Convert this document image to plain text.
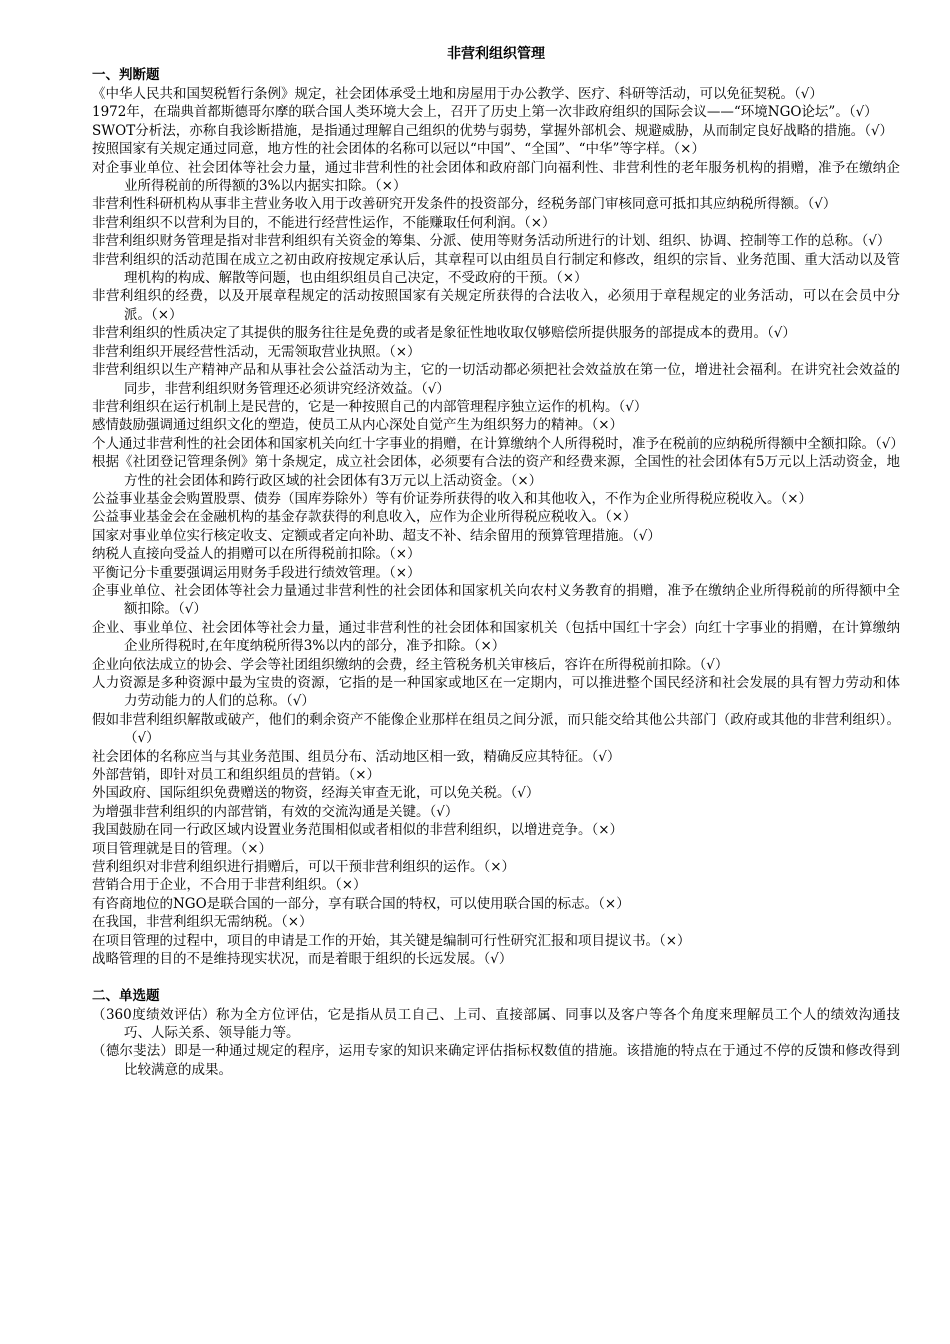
非营利组织管理
一、判断题

《中华人民共和国契税暂行条例》规定，社会团体承受土地和房屋用于办公教学、医疗、科研等活动，可以免征契税。（√）

1972年，在瑞典首都斯德哥尔摩的联合国人类环境大会上，召开了历史上第一次非政府组织的国际会议——“环境NGO论坛”。（√）

SWOT分析法，亦称自我诊断措施，是指通过理解自己组织的优势与弱势，掌握外部机会、规避威胁，从而制定良好战略的措施。（√）

按照国家有关规定通过同意，地方性的社会团体的名称可以冠以“中国”、“全国”、“中华”等字样。（×）

对企事业单位、社会团体等社会力量，通过非营利性的社会团体和政府部门向福利性、非营利性的老年服务机构的捐赠，准予在缴纳企业所得税前的所得额的3%以内据实扣除。（×）

非营利性科研机构从事非主营业务收入用于改善研究开发条件的投资部分，经税务部门审核同意可抵扣其应纳税所得额。（√）

非营利组织不以营利为目的，不能进行经营性运作，不能赚取任何利润。（×）

非营利组织财务管理是指对非营利组织有关资金的筹集、分派、使用等财务活动所进行的计划、组织、协调、控制等工作的总称。（√）

非营利组织的活动范围在成立之初由政府按规定承认后，其章程可以由组员自行制定和修改，组织的宗旨、业务范围、重大活动以及管理机构的构成、解散等问题，也由组织组员自己决定，不受政府的干预。（×）

非营利组织的经费，以及开展章程规定的活动按照国家有关规定所获得的合法收入，必须用于章程规定的业务活动，可以在会员中分派。（×）

非营利组织的性质决定了其提供的服务往往是免费的或者是象征性地收取仅够赔偿所提供服务的部提成本的费用。（√）

非营利组织开展经营性活动，无需领取营业执照。（×）

非营利组织以生产精神产品和从事社会公益活动为主，它的一切活动都必须把社会效益放在第一位，增进社会福利。在讲究社会效益的同步，非营利组织财务管理还必须讲究经济效益。（√）

非营利组织在运行机制上是民营的，它是一种按照自己的内部管理程序独立运作的机构。（√）

感情鼓励强调通过组织文化的塑造，使员工从内心深处自觉产生为组织努力的精神。（×）

个人通过非营利性的社会团体和国家机关向红十字事业的捐赠，在计算缴纳个人所得税时，准予在税前的应纳税所得额中全额扣除。（√）

根据《社团登记管理条例》第十条规定，成立社会团体，必须要有合法的资产和经费来源，全国性的社会团体有5万元以上活动资金，地方性的社会团体和跨行政区域的社会团体有3万元以上活动资金。（×）

公益事业基金会购置股票、债券（国库券除外）等有价证券所获得的收入和其他收入，不作为企业所得税应税收入。（×）

公益事业基金会在金融机构的基金存款获得的利息收入，应作为企业所得税应税收入。（×）

国家对事业单位实行核定收支、定额或者定向补助、超支不补、结余留用的预算管理措施。（√）

纳税人直接向受益人的捐赠可以在所得税前扣除。（×）

平衡记分卡重要强调运用财务手段进行绩效管理。（×）

企事业单位、社会团体等社会力量通过非营利性的社会团体和国家机关向农村义务教育的捐赠，准予在缴纳企业所得税前的所得额中全额扣除。（√）

企业、事业单位、社会团体等社会力量，通过非营利性的社会团体和国家机关（包括中国红十字会）向红十字事业的捐赠，在计算缴纳企业所得税时,在年度纳税所得3%以内的部分，准予扣除。（×）

企业向依法成立的协会、学会等社团组织缴纳的会费，经主管税务机关审核后，容许在所得税前扣除。（√）

人力资源是多种资源中最为宝贵的资源，它指的是一种国家或地区在一定期内，可以推进整个国民经济和社会发展的具有智力劳动和体力劳动能力的人们的总称。（√）

假如非营利组织解散或破产，他们的剩余资产不能像企业那样在组员之间分派，而只能交给其他公共部门（政府或其他的非营利组织）。（√）

社会团体的名称应当与其业务范围、组员分布、活动地区相一致，精确反应其特征。（√）

外部营销，即针对员工和组织组员的营销。（×）

外国政府、国际组织免费赠送的物资，经海关审查无讹，可以免关税。（√）

为增强非营利组织的内部营销，有效的交流沟通是关键。（√）

我国鼓励在同一行政区域内设置业务范围相似或者相似的非营利组织，以增进竞争。（×）

项目管理就是目的管理。（×）

营利组织对非营利组织进行捐赠后，可以干预非营利组织的运作。（×）

营销合用于企业，不合用于非营利组织。（×）

有咨商地位的NGO是联合国的一部分，享有联合国的特权，可以使用联合国的标志。（×）

在我国，非营利组织无需纳税。（×）

在项目管理的过程中，项目的申请是工作的开始，其关键是编制可行性研究汇报和项目提议书。（×）

战略管理的目的不是维持现实状况，而是着眼于组织的长远发展。（√）

二、单选题

（360度绩效评估）称为全方位评估，它是指从员工自己、上司、直接部属、同事以及客户等各个角度来理解员工个人的绩效沟通技巧、人际关系、领导能力等。

（德尔斐法）即是一种通过规定的程序，运用专家的知识来确定评估指标权数值的措施。该措施的特点在于通过不停的反馈和修改得到比较满意的成果。
